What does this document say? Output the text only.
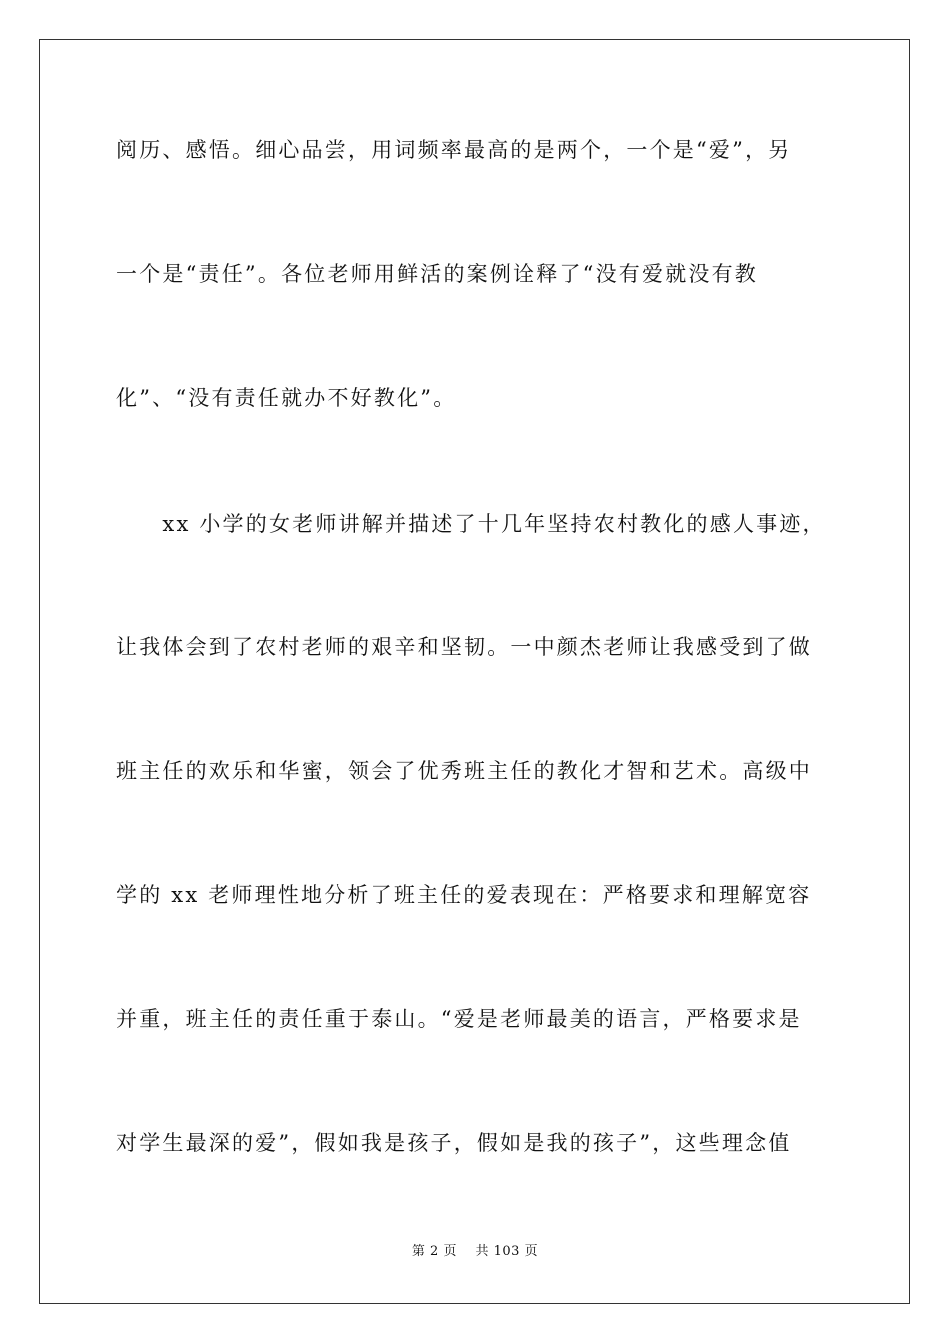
阅历、感悟。细心品尝，用词频率最高的是两个，一个是“爱”，另
一个是“责任”。各位老师用鲜活的案例诠释了“没有爱就没有教
化”、“没有责任就办不好教化”。
　　xx 小学的女老师讲解并描述了十几年坚持农村教化的感人事迹，
让我体会到了农村老师的艰辛和坚韧。一中颜杰老师让我感受到了做
班主任的欢乐和华蜜，领会了优秀班主任的教化才智和艺术。高级中
学的 xx 老师理性地分析了班主任的爱表现在：严格要求和理解宽容
并重，班主任的责任重于泰山。“爱是老师最美的语言，严格要求是
对学生最深的爱”，假如我是孩子，假如是我的孩子”，这些理念值
第 2 页 共 103 页
